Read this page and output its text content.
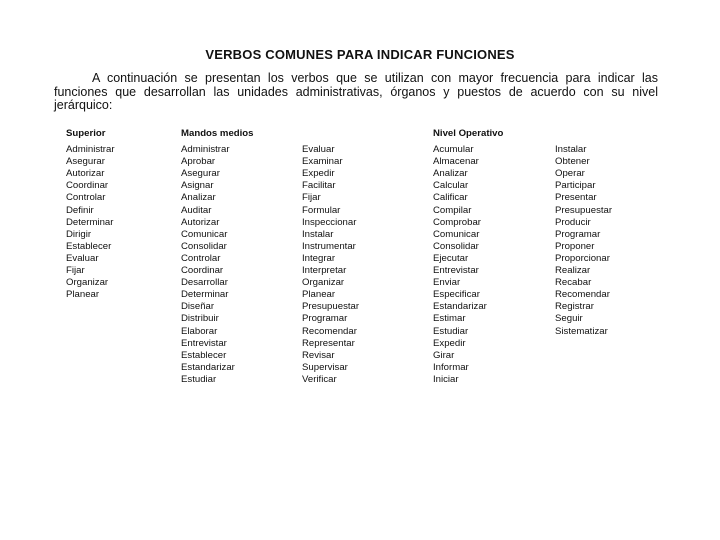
VERBOS COMUNES PARA INDICAR FUNCIONES
A continuación se presentan los verbos que se utilizan con mayor frecuencia para indicar las funciones que desarrollan las unidades administrativas, órganos y puestos de acuerdo con su nivel jerárquico:
Superior
Administrar
Asegurar
Autorizar
Coordinar
Controlar
Definir
Determinar
Dirigir
Establecer
Evaluar
Fijar
Organizar
Planear
Mandos medios
Administrar
Aprobar
Asegurar
Asignar
Analizar
Auditar
Autorizar
Comunicar
Consolidar
Controlar
Coordinar
Desarrollar
Determinar
Diseñar
Distribuir
Elaborar
Entrevistar
Establecer
Estandarizar
Estudiar
Evaluar
Examinar
Expedir
Facilitar
Fijar
Formular
Inspeccionar
Instalar
Instrumentar
Integrar
Interpretar
Organizar
Planear
Presupuestar
Programar
Recomendar
Representar
Revisar
Supervisar
Verificar
Nivel Operativo
Acumular
Almacenar
Analizar
Calcular
Calificar
Compilar
Comprobar
Comunicar
Consolidar
Ejecutar
Entrevistar
Enviar
Especificar
Estandarizar
Estimar
Estudiar
Expedir
Girar
Informar
Iniciar
Instalar
Obtener
Operar
Participar
Presentar
Presupuestar
Producir
Programar
Proponer
Proporcionar
Realizar
Recabar
Recomendar
Registrar
Seguir
Sistematizar
